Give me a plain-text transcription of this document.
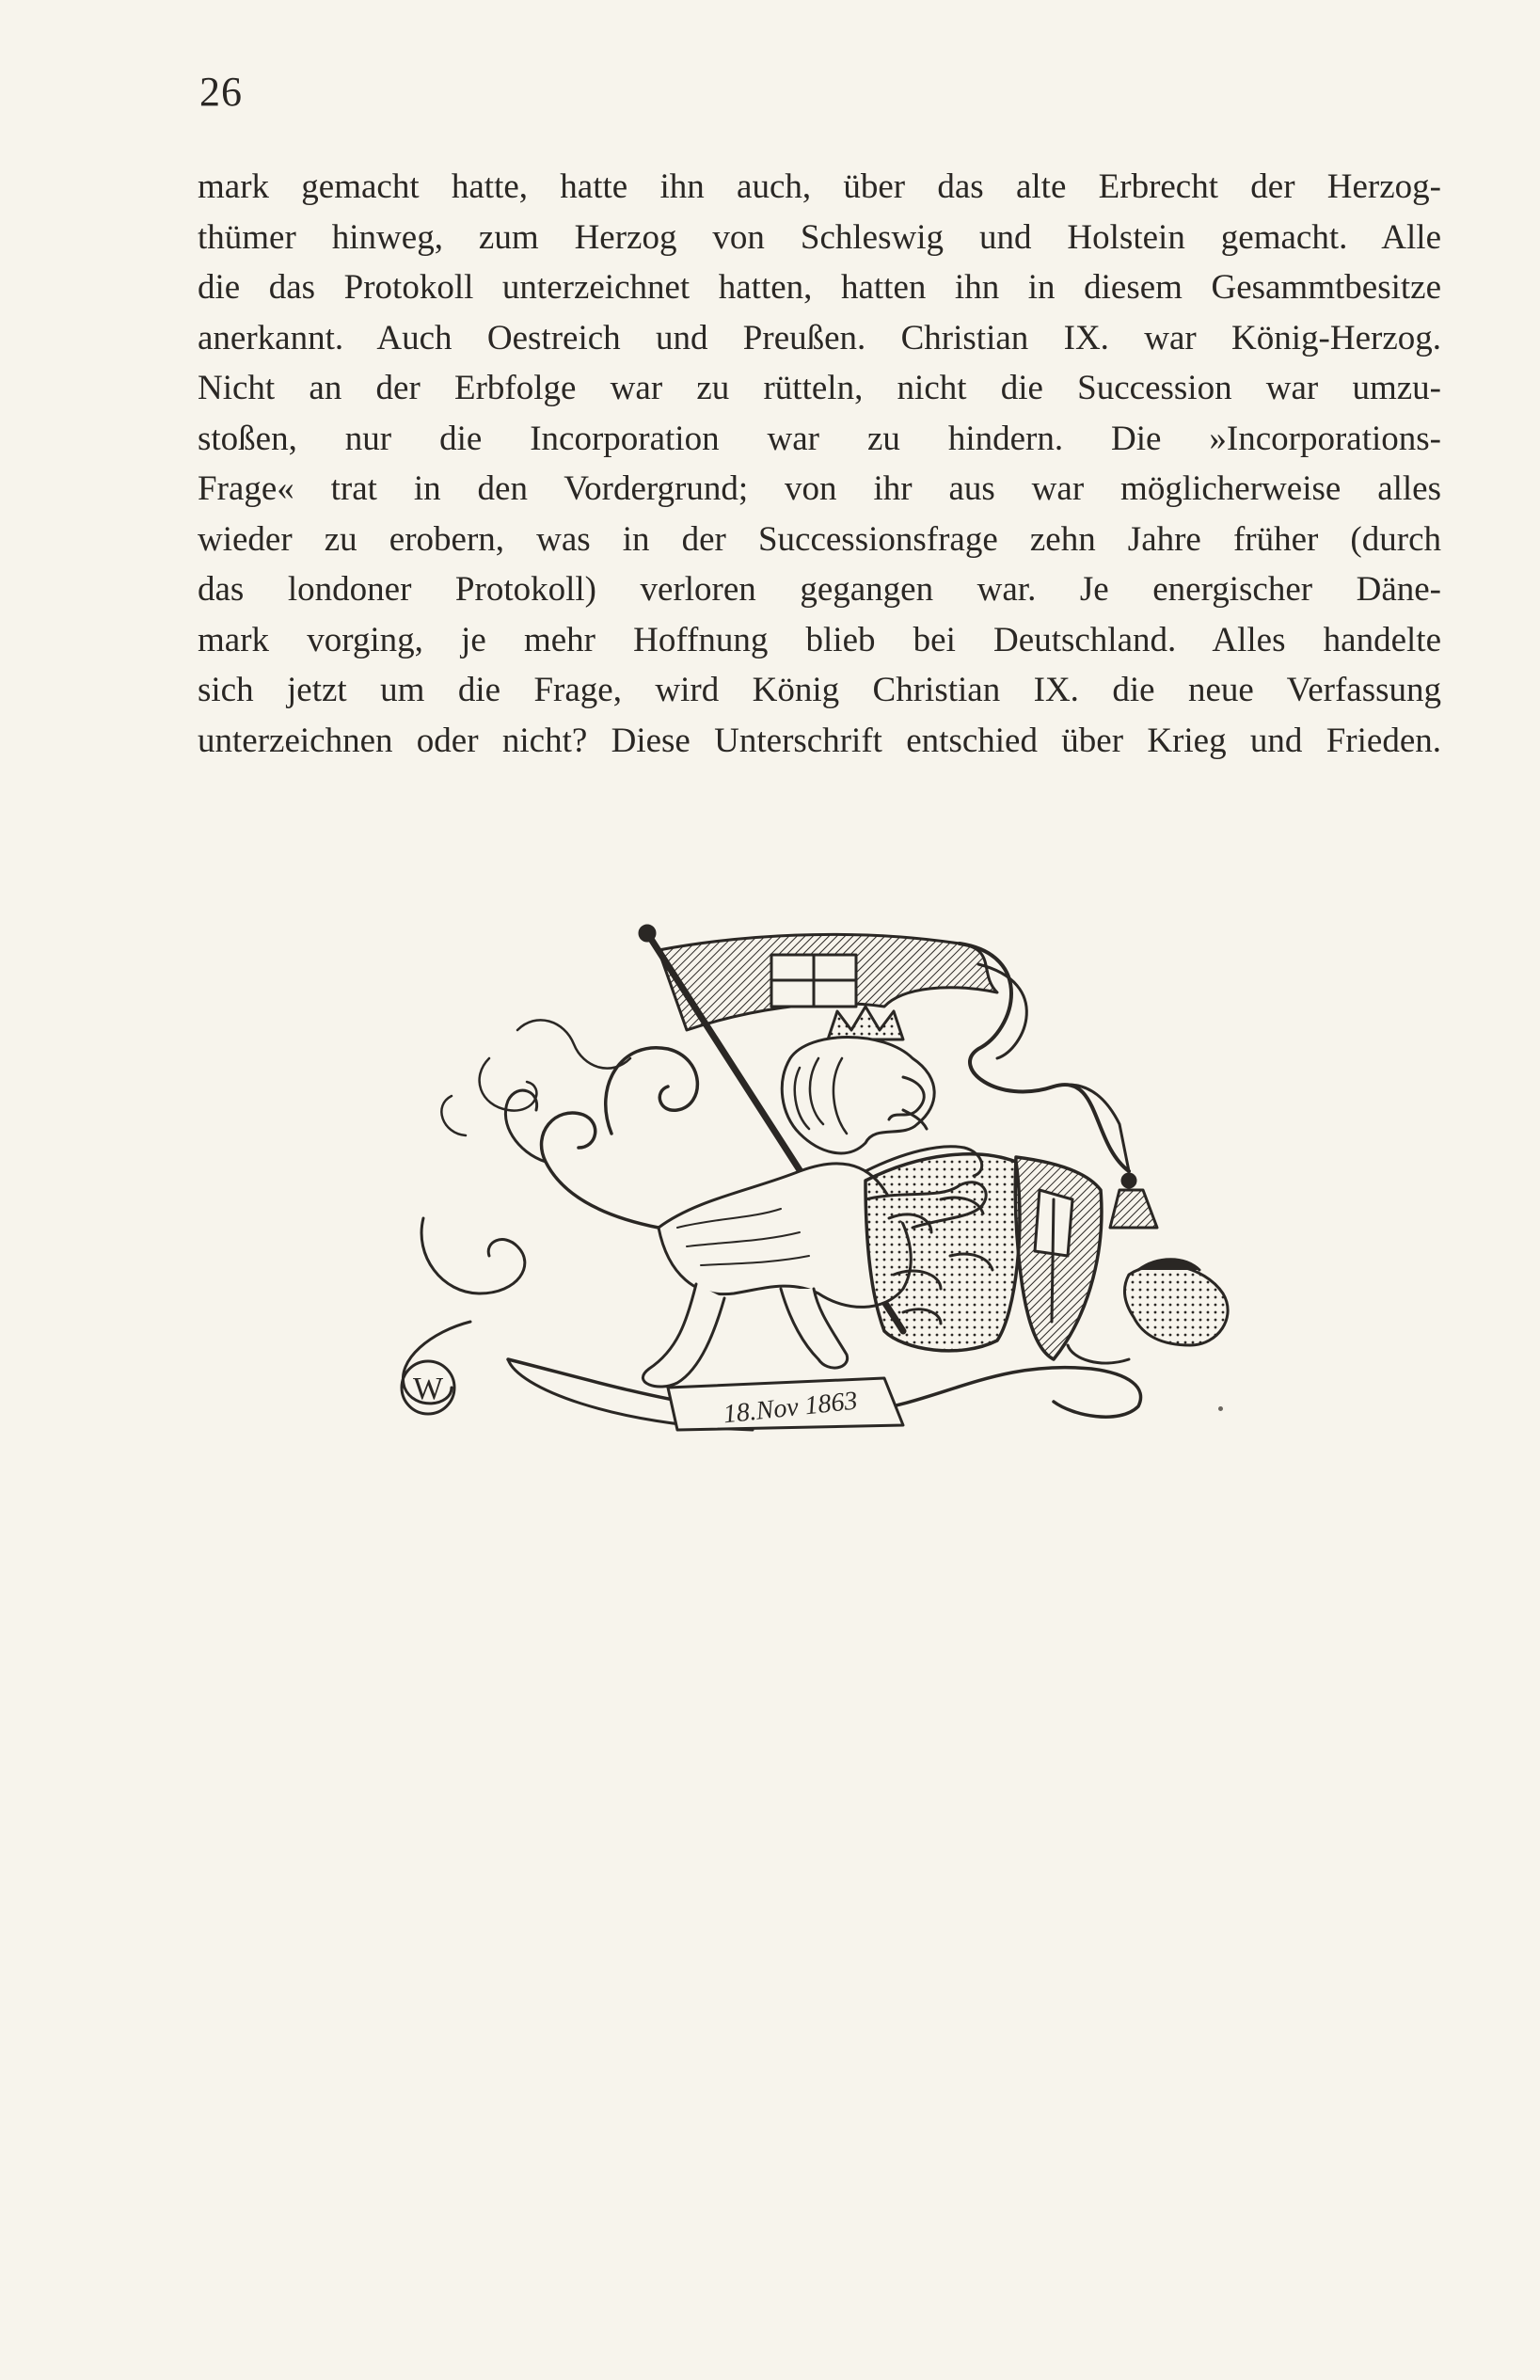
26
mark gemacht hatte, hatte ihn auch, über das alte Erbrecht der Herzog-
thümer hinweg, zum Herzog von Schleswig und Holstein gemacht. Alle
die das Protokoll unterzeichnet hatten, hatten ihn in diesem Gesammtbesitze
anerkannt. Auch Oestreich und Preußen. Christian IX. war König-Herzog.
Nicht an der Erbfolge war zu rütteln, nicht die Succession war umzu-
stoßen, nur die Incorporation war zu hindern. Die »Incorporations-
Frage« trat in den Vordergrund; von ihr aus war möglicherweise alles
wieder zu erobern, was in der Successionsfrage zehn Jahre früher (durch
das londoner Protokoll) verloren gegangen war. Je energischer Däne-
mark vorging, je mehr Hoffnung blieb bei Deutschland. Alles handelte
sich jetzt um die Frage, wird König Christian IX. die neue Verfassung
unterzeichnen oder nicht? Diese Unterschrift entschied über Krieg und Frieden.
W	18.Nov 1863
